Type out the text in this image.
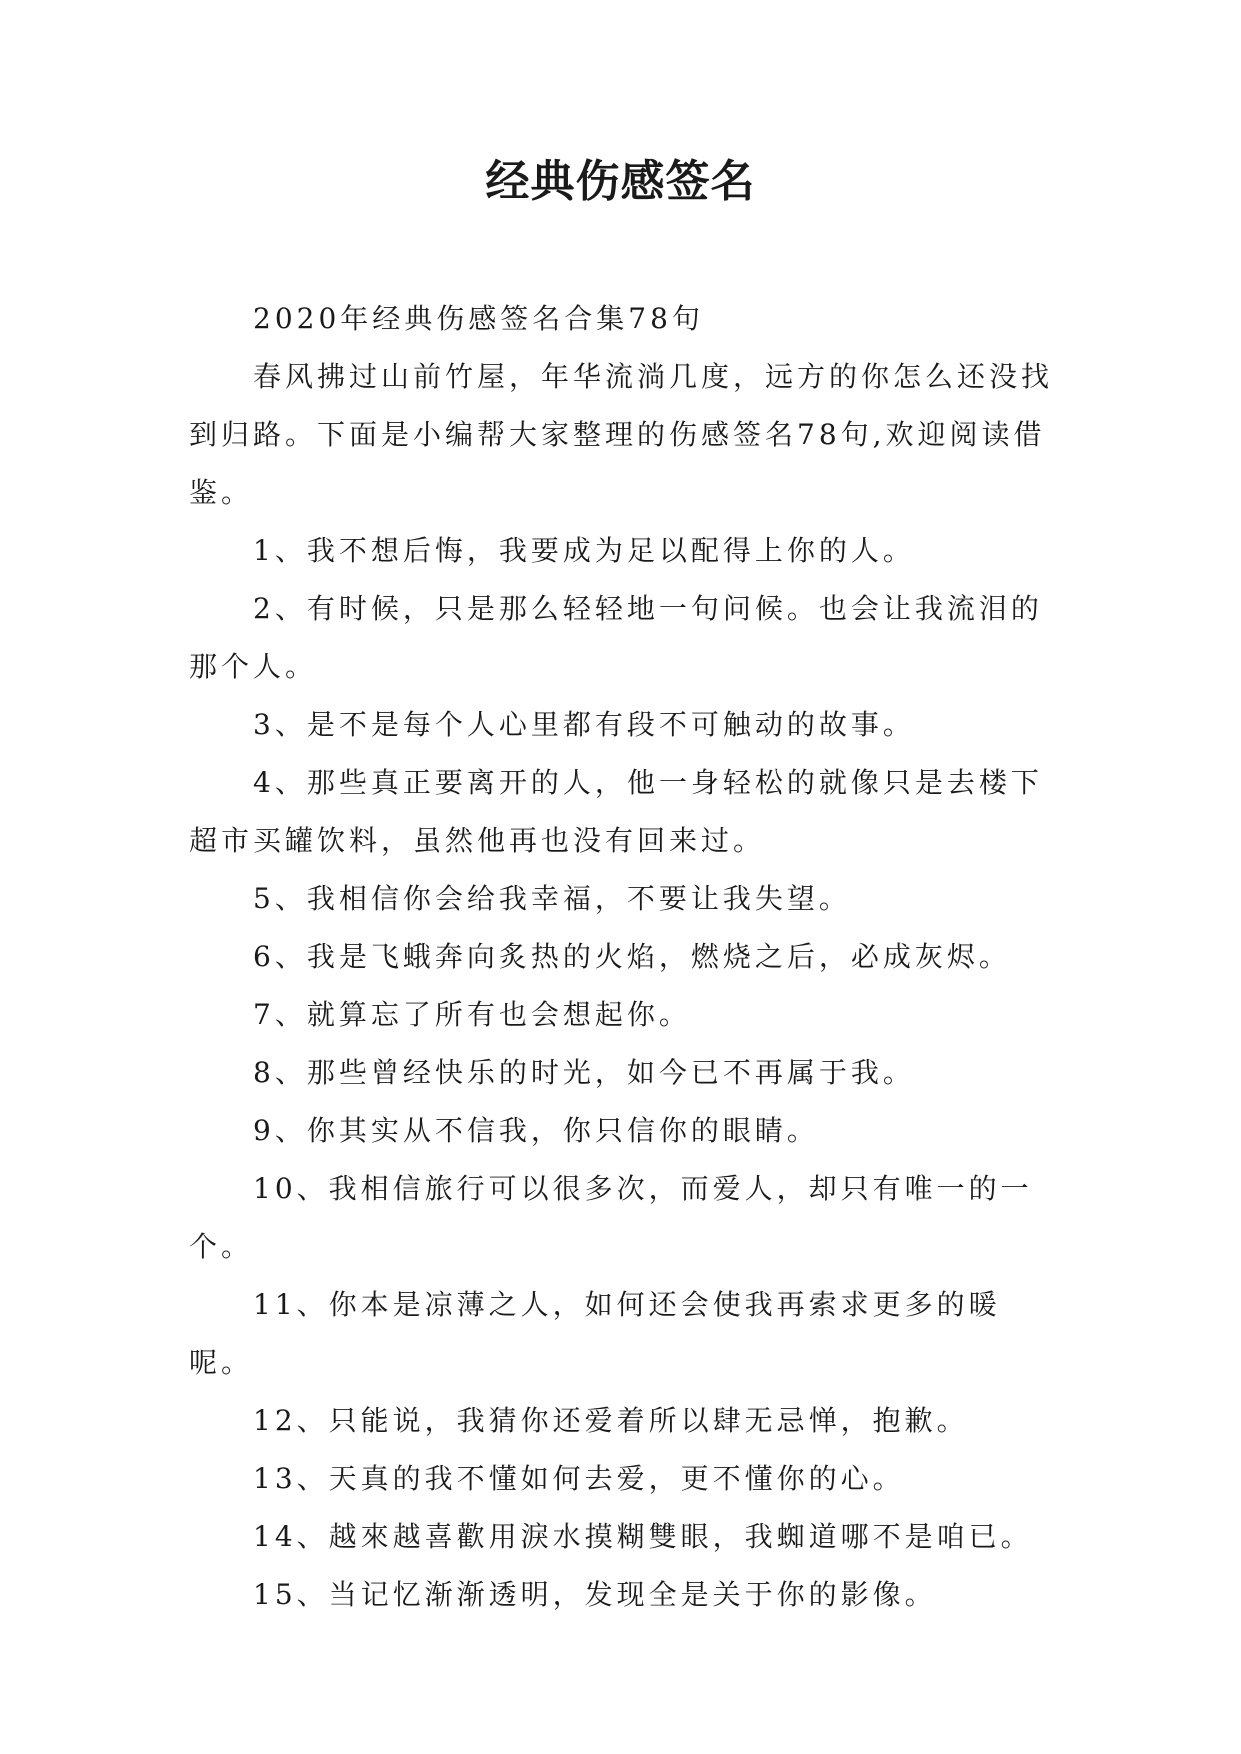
经典伤感签名

2020年经典伤感签名合集78句

春风拂过山前竹屋，年华流淌几度，远方的你怎么还没找到归路。下面是小编帮大家整理的伤感签名78句,欢迎阅读借鉴。

1、我不想后悔，我要成为足以配得上你的人。

2、有时候，只是那么轻轻地一句问候。也会让我流泪的那个人。

3、是不是每个人心里都有段不可触动的故事。

4、那些真正要离开的人，他一身轻松的就像只是去楼下超市买罐饮料，虽然他再也没有回来过。

5、我相信你会给我幸福，不要让我失望。

6、我是飞蛾奔向炙热的火焰，燃烧之后，必成灰烬。

7、就算忘了所有也会想起你。

8、那些曾经快乐的时光，如今已不再属于我。

9、你其实从不信我，你只信你的眼睛。

10、我相信旅行可以很多次，而爱人，却只有唯一的一个。

11、你本是凉薄之人，如何还会使我再索求更多的暖呢。

12、只能说，我猜你还爱着所以肆无忌惮，抱歉。

13、天真的我不懂如何去爱，更不懂你的心。

14、越來越喜歡用淚水摸糊雙眼，我蜘道哪不是咱已。

15、当记忆渐渐透明，发现全是关于你的影像。
